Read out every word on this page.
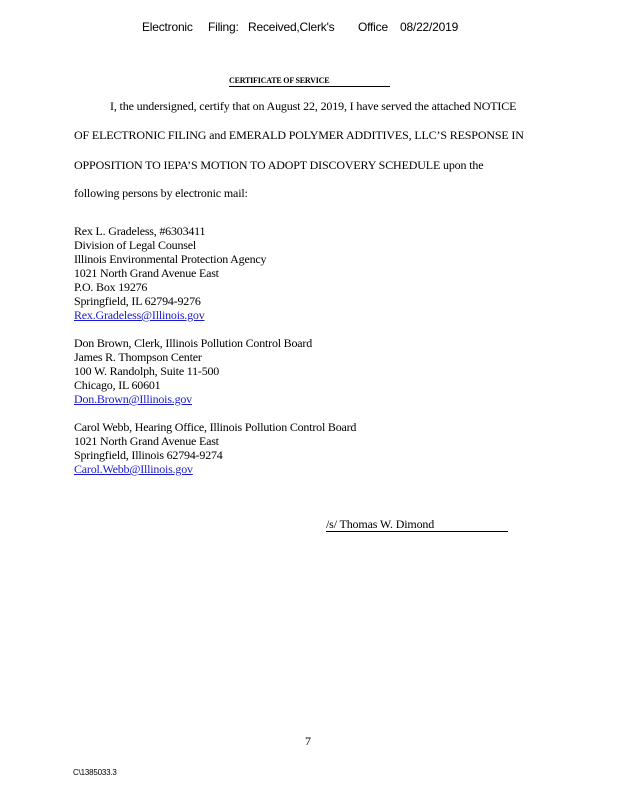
Electronic Filing: Received,Clerk's Office 08/22/2019
CERTIFICATE OF SERVICE
I, the undersigned, certify that on August 22, 2019, I have served the attached NOTICE
OF ELECTRONIC FILING and EMERALD POLYMER ADDITIVES, LLC’S RESPONSE IN
OPPOSITION TO IEPA’S MOTION TO ADOPT DISCOVERY SCHEDULE upon the
following persons by electronic mail:
Rex L. Gradeless, #6303411
Division of Legal Counsel
Illinois Environmental Protection Agency
1021 North Grand Avenue East
P.O. Box 19276
Springfield, IL 62794-9276
Rex.Gradeless@Illinois.gov
Don Brown, Clerk, Illinois Pollution Control Board
James R. Thompson Center
100 W. Randolph, Suite 11-500
Chicago, IL 60601
Don.Brown@Illinois.gov
Carol Webb, Hearing Office, Illinois Pollution Control Board
1021 North Grand Avenue East
Springfield, Illinois 62794-9274
Carol.Webb@Illinois.gov
/s/ Thomas W. Dimond
7
C\1385033.3
